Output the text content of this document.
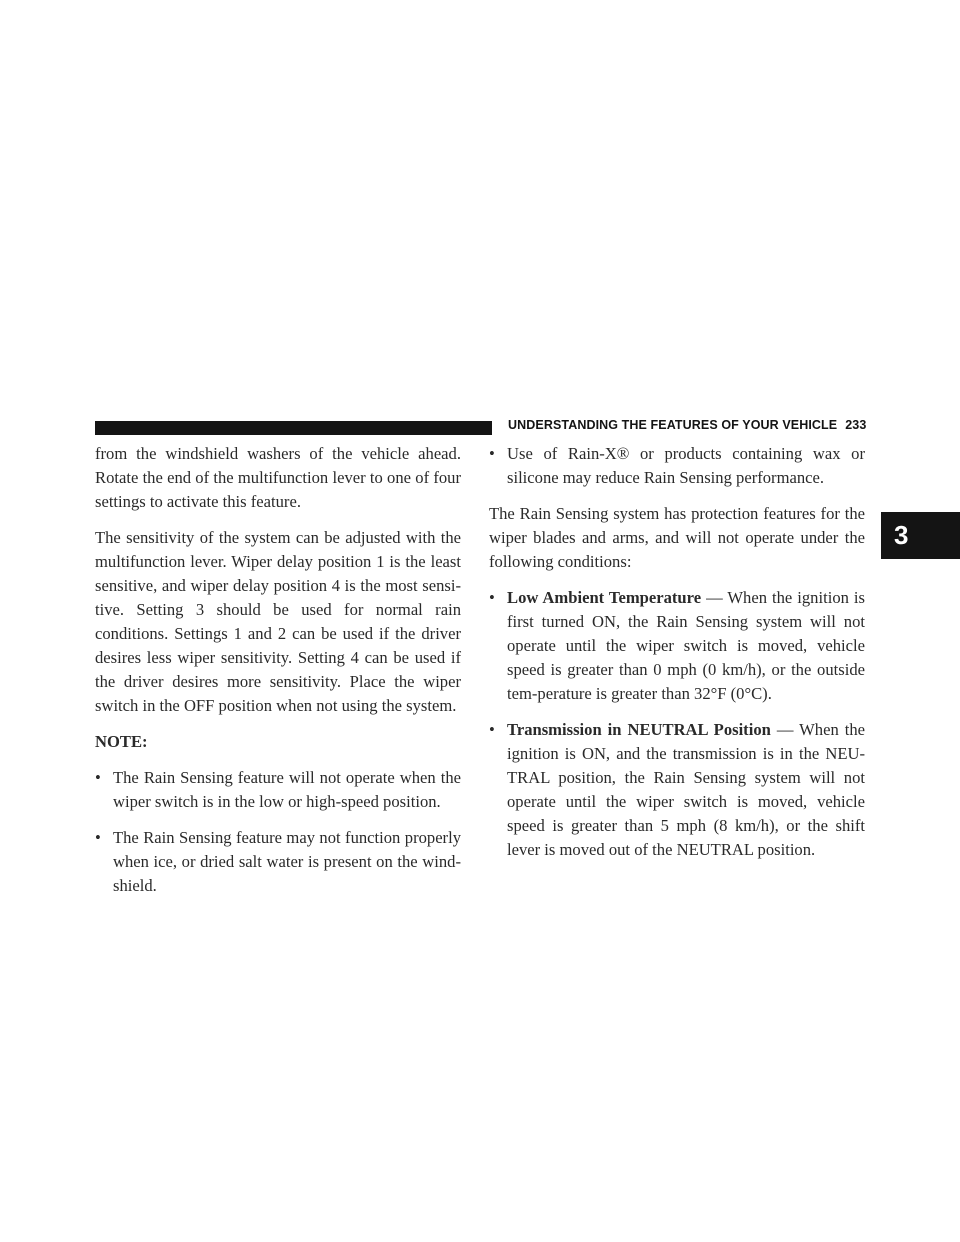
UNDERSTANDING THE FEATURES OF YOUR VEHICLE 233
3

from the windshield washers of the vehicle ahead. Rotate the end of the multifunction lever to one of four settings to activate this feature.

The sensitivity of the system can be adjusted with the multifunction lever. Wiper delay position 1 is the least sensitive, and wiper delay position 4 is the most sensi-tive. Setting 3 should be used for normal rain conditions. Settings 1 and 2 can be used if the driver desires less wiper sensitivity. Setting 4 can be used if the driver desires more sensitivity. Place the wiper switch in the OFF position when not using the system.

NOTE:
• The Rain Sensing feature will not operate when the wiper switch is in the low or high-speed position.
• The Rain Sensing feature may not function properly when ice, or dried salt water is present on the wind-shield.
• Use of Rain-X® or products containing wax or silicone may reduce Rain Sensing performance.

The Rain Sensing system has protection features for the wiper blades and arms, and will not operate under the following conditions:

• Low Ambient Temperature — When the ignition is first turned ON, the Rain Sensing system will not operate until the wiper switch is moved, vehicle speed is greater than 0 mph (0 km/h), or the outside tem-perature is greater than 32°F (0°C).
• Transmission in NEUTRAL Position — When the ignition is ON, and the transmission is in the NEU-TRAL position, the Rain Sensing system will not operate until the wiper switch is moved, vehicle speed is greater than 5 mph (8 km/h), or the shift lever is moved out of the NEUTRAL position.
